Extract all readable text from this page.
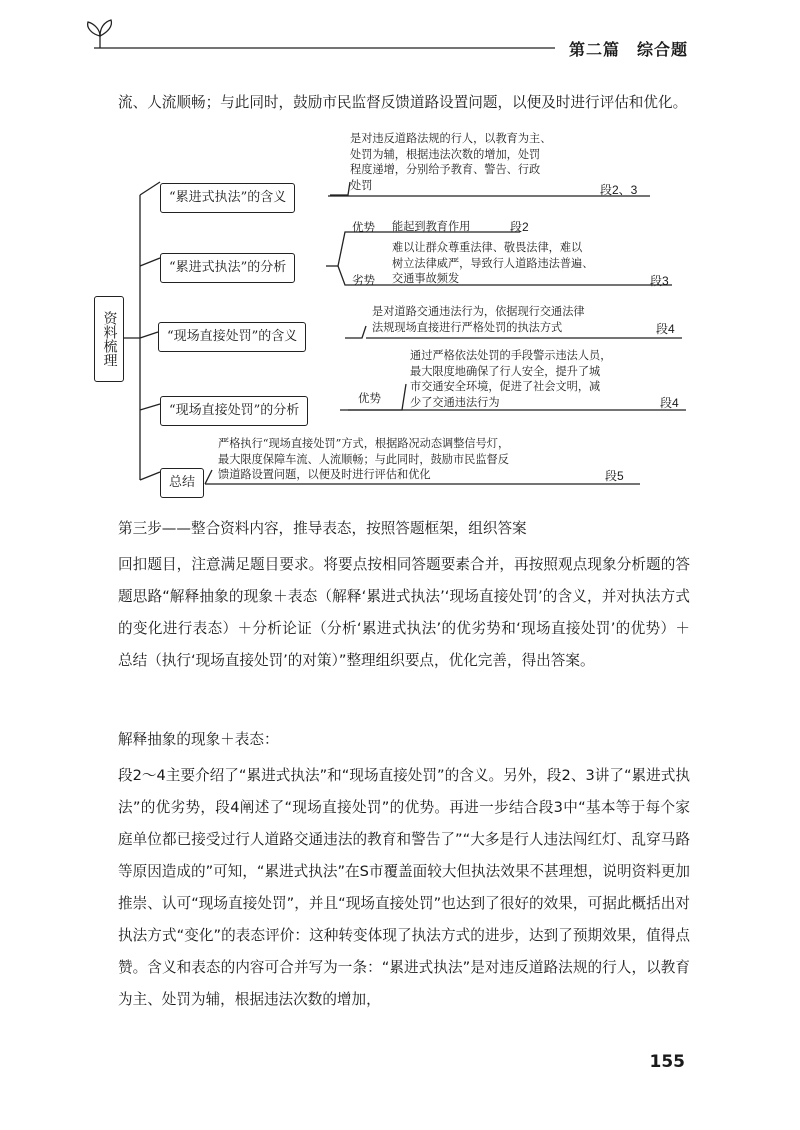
第二篇　综合题

流、人流顺畅；与此同时，鼓励市民监督反馈道路设置问题，以便及时进行评估和优化。

资料梳理
“累进式执法”的含义
是对违反道路法规的行人，以教育为主、
处罚为辅，根据违法次数的增加，处罚
程度递增，分别给予教育、警告、行政
处罚	段2、3
“累进式执法”的分析
优势 能起到教育作用	段2
劣势
难以让群众尊重法律、敬畏法律，难以
树立法律威严，导致行人道路违法普遍、
交通事故频发	段3
“现场直接处罚”的含义
是对道路交通违法行为，依据现行交通法律
法规现场直接进行严格处罚的执法方式	段4
“现场直接处罚”的分析
优势
通过严格依法处罚的手段警示违法人员，
最大限度地确保了行人安全，提升了城
市交通安全环境，促进了社会文明，减
少了交通违法行为	段4
总结
严格执行“现场直接处罚”方式，根据路况动态调整信号灯，
最大限度保障车流、人流顺畅；与此同时，鼓励市民监督反
馈道路设置问题，以便及时进行评估和优化	段5

第三步——整合资料内容，推导表态，按照答题框架，组织答案

回扣题目，注意满足题目要求。将要点按相同答题要素合并，再按照观点现象分析题的答题思路“解释抽象的现象＋表态（解释‘累进式执法’‘现场直接处罚’的含义，并对执法方式的变化进行表态）＋分析论证（分析‘累进式执法’的优劣势和‘现场直接处罚’的优势）＋总结（执行‘现场直接处罚’的对策）”整理组织要点，优化完善，得出答案。

解释抽象的现象＋表态：

段2～4主要介绍了“累进式执法”和“现场直接处罚”的含义。另外，段2、3讲了“累进式执法”的优劣势，段4阐述了“现场直接处罚”的优势。再进一步结合段3中“基本等于每个家庭单位都已接受过行人道路交通违法的教育和警告了”“大多是行人违法闯红灯、乱穿马路等原因造成的”可知，“累进式执法”在S市覆盖面较大但执法效果不甚理想，说明资料更加推崇、认可“现场直接处罚”，并且“现场直接处罚”也达到了很好的效果，可据此概括出对执法方式“变化”的表态评价：这种转变体现了执法方式的进步，达到了预期效果，值得点赞。含义和表态的内容可合并写为一条：“累进式执法”是对违反道路法规的行人，以教育为主、处罚为辅，根据违法次数的增加，

155
